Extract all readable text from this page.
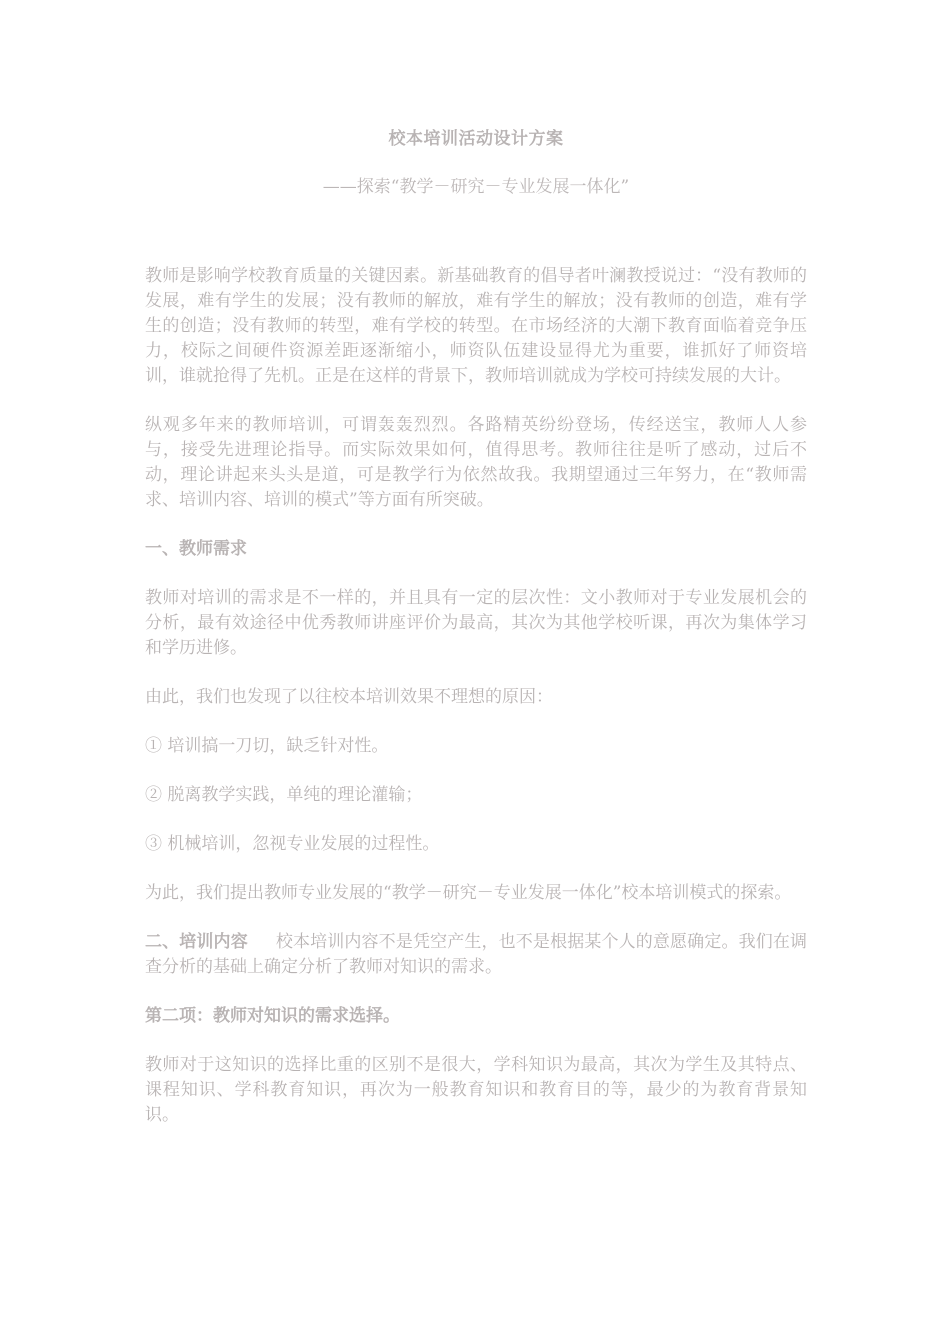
校本培训活动设计方案
——探索“教学－研究－专业发展一体化”

教师是影响学校教育质量的关键因素。新基础教育的倡导者叶澜教授说过：“没有教师的发展，难有学生的发展；没有教师的解放，难有学生的解放；没有教师的创造，难有学生的创造；没有教师的转型，难有学校的转型。在市场经济的大潮下教育面临着竞争压力，校际之间硬件资源差距逐渐缩小，师资队伍建设显得尤为重要，谁抓好了师资培训，谁就抢得了先机。正是在这样的背景下，教师培训就成为学校可持续发展的大计。

纵观多年来的教师培训，可谓轰轰烈烈。各路精英纷纷登场，传经送宝，教师人人参与，接受先进理论指导。而实际效果如何，值得思考。教师往往是听了感动，过后不动，理论讲起来头头是道，可是教学行为依然故我。我期望通过三年努力，在“教师需求、培训内容、培训的模式”等方面有所突破。

一、教师需求

教师对培训的需求是不一样的，并且具有一定的层次性：文小教师对于专业发展机会的分析，最有效途径中优秀教师讲座评价为最高，其次为其他学校听课，再次为集体学习和学历进修。

由此，我们也发现了以往校本培训效果不理想的原因：

① 培训搞一刀切，缺乏针对性。

② 脱离教学实践，单纯的理论灌输；

③ 机械培训，忽视专业发展的过程性。

为此，我们提出教师专业发展的“教学－研究－专业发展一体化”校本培训模式的探索。

二、培训内容 校本培训内容不是凭空产生，也不是根据某个人的意愿确定。我们在调查分析的基础上确定分析了教师对知识的需求。

第二项：教师对知识的需求选择。

教师对于这知识的选择比重的区别不是很大，学科知识为最高，其次为学生及其特点、课程知识、学科教育知识，再次为一般教育知识和教育目的等，最少的为教育背景知识。
